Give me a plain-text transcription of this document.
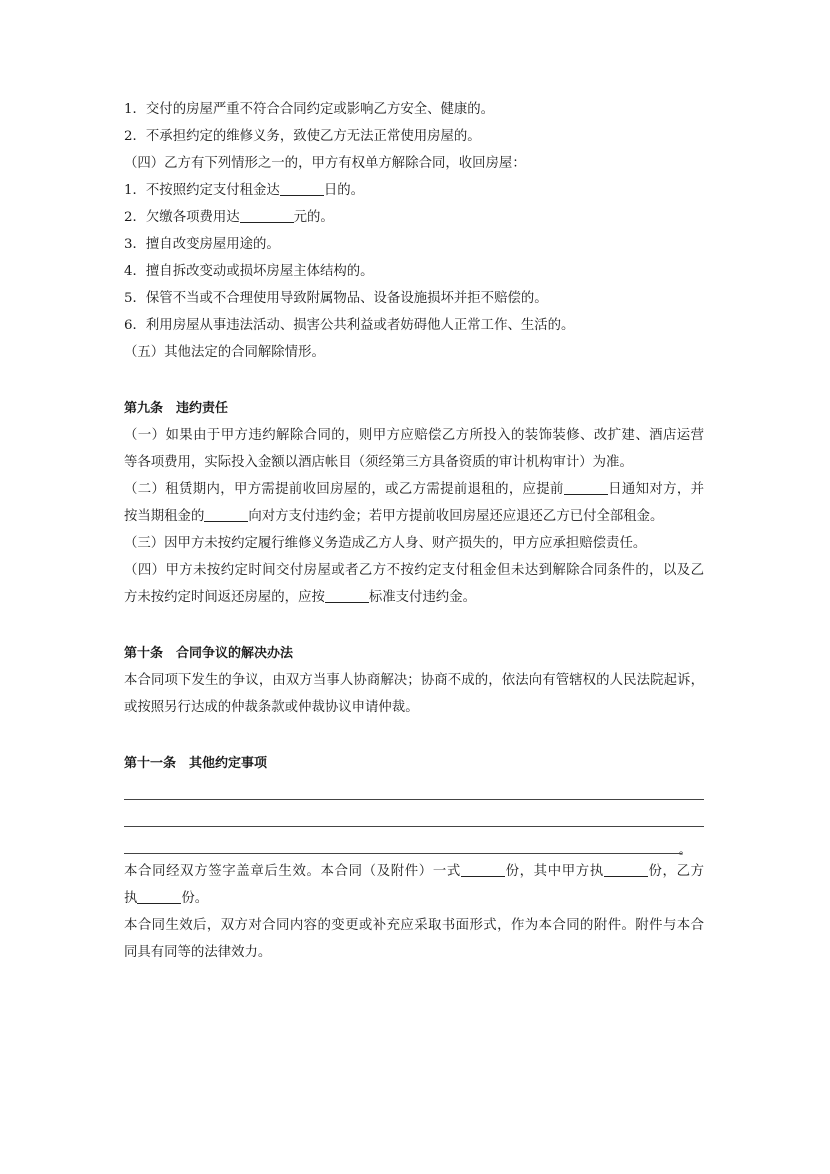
1．交付的房屋严重不符合合同约定或影响乙方安全、健康的。
2．不承担约定的维修义务，致使乙方无法正常使用房屋的。
（四）乙方有下列情形之一的，甲方有权单方解除合同，收回房屋：
1．不按照约定支付租金达	日的。
2．欠缴各项费用达	元的。
3．擅自改变房屋用途的。
4．擅自拆改变动或损坏房屋主体结构的。
5．保管不当或不合理使用导致附属物品、设备设施损坏并拒不赔偿的。
6．利用房屋从事违法活动、损害公共利益或者妨碍他人正常工作、生活的。
（五）其他法定的合同解除情形。
第九条　违约责任
（一）如果由于甲方违约解除合同的，则甲方应赔偿乙方所投入的装饰装修、改扩建、酒店运营
等各项费用，实际投入金额以酒店帐目（须经第三方具备资质的审计机构审计）为准。
（二）租赁期内，甲方需提前收回房屋的，或乙方需提前退租的，应提前	日通知对方，并
按当期租金的	向对方支付违约金；若甲方提前收回房屋还应退还乙方已付全部租金。
（三）因甲方未按约定履行维修义务造成乙方人身、财产损失的，甲方应承担赔偿责任。
（四）甲方未按约定时间交付房屋或者乙方不按约定支付租金但未达到解除合同条件的，以及乙
方未按约定时间返还房屋的，应按	标准支付违约金。
第十条　合同争议的解决办法
本合同项下发生的争议，由双方当事人协商解决；协商不成的，依法向有管辖权的人民法院起诉，
或按照另行达成的仲裁条款或仲裁协议申请仲裁。
第十一条　其他约定事项
。
本合同经双方签字盖章后生效。本合同（及附件）一式	份，其中甲方执	份，乙方
执	份。
本合同生效后，双方对合同内容的变更或补充应采取书面形式，作为本合同的附件。附件与本合
同具有同等的法律效力。
